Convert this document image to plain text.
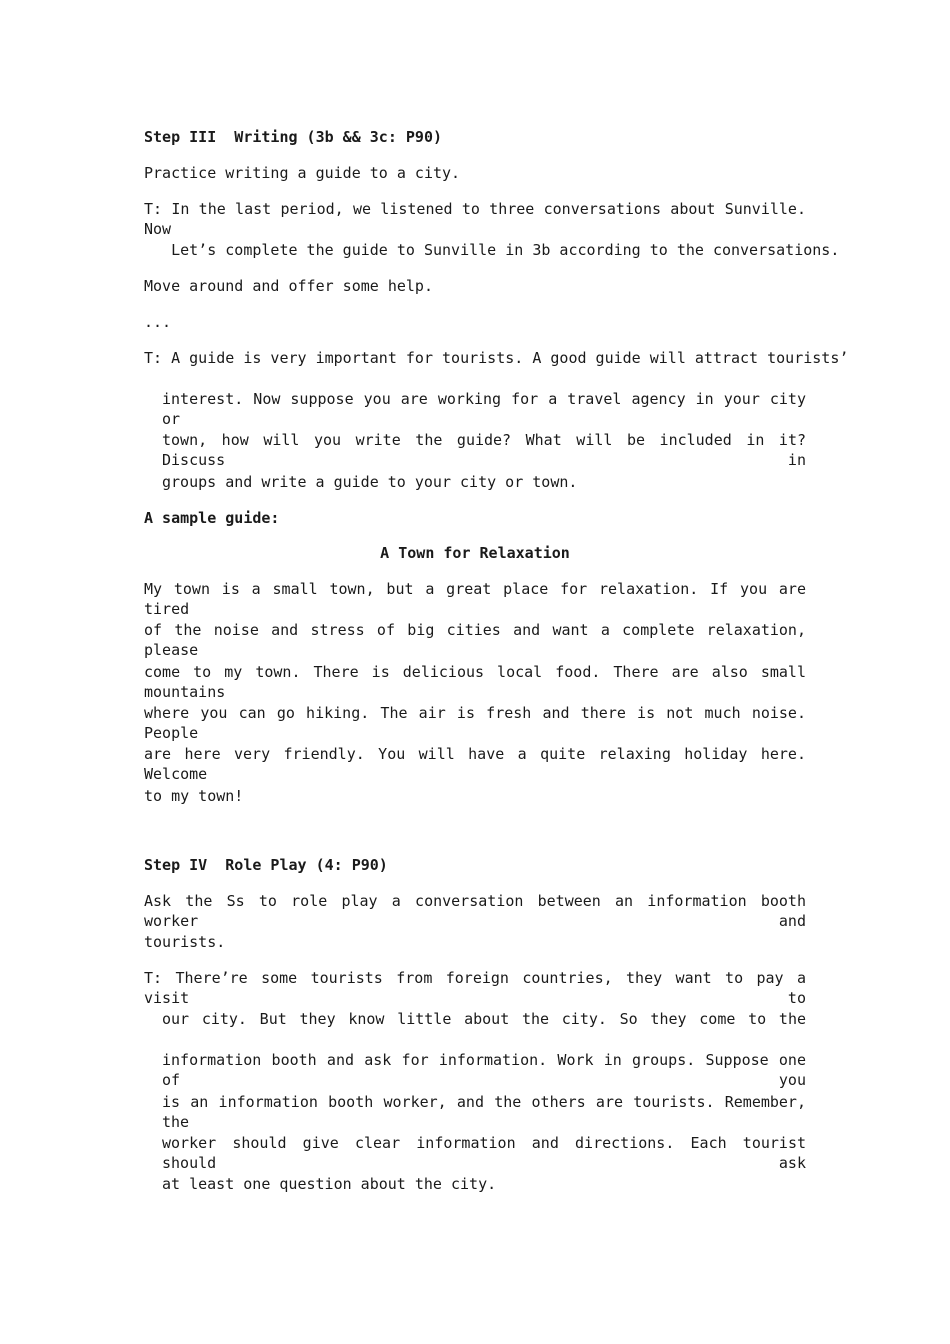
Step III  Writing (3b && 3c: P90)
Practice writing a guide to a city.
T: In the last period, we listened to three conversations about Sunville. Now
Let’s complete the guide to Sunville in 3b according to the conversations.
Move around and offer some help.
...
T: A guide is very important for tourists. A good guide will attract tourists’
interest. Now suppose you are working for a travel agency in your city or
town, how will you write the guide? What will be included in it? Discuss in
groups and write a guide to your city or town.
A sample guide:
A Town for Relaxation
My town is a small town, but a great place for relaxation. If you are tired
of the noise and stress of big cities and want a complete relaxation, please
come to my town. There is delicious local food. There are also small mountains
where you can go hiking. The air is fresh and there is not much noise. People
are here very friendly. You will have a quite relaxing holiday here. Welcome
to my town!
Step IV  Role Play (4: P90)
Ask the Ss to role play a conversation between an information booth worker and
tourists.
T: There’re some tourists from foreign countries, they want to pay a visit to
our city. But they know little about the city. So they come to the
information booth and ask for information. Work in groups. Suppose one of you
is an information booth worker, and the others are tourists. Remember, the
worker should give clear information and directions. Each tourist should ask
at least one question about the city.
